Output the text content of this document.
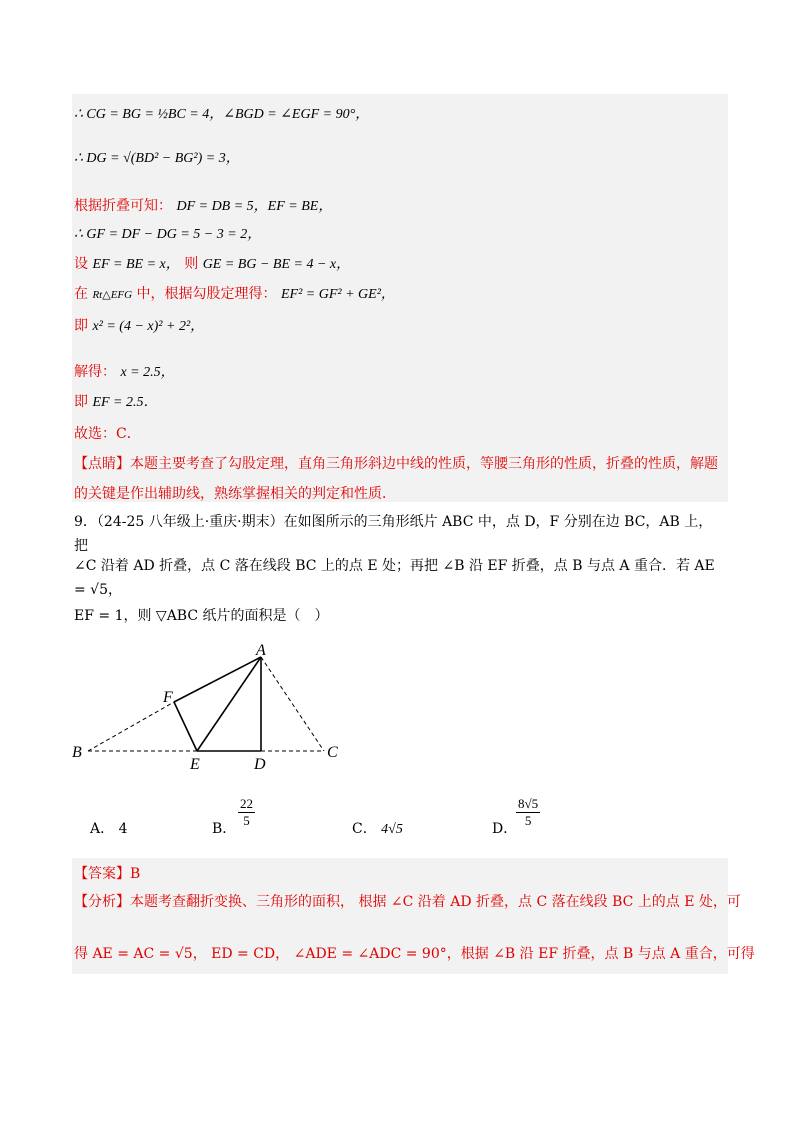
∴ CG = BG = ½BC = 4，∠BGD = ∠EGF = 90°，
∴ DG = √(BD² − BG²) = 3，
根据折叠可知： DF = DB = 5，EF = BE，
∴ GF = DF − DG = 5 − 3 = 2，
设 EF = BE = x， 则 GE = BG − BE = 4 − x，
在 Rt△EFG 中，根据勾股定理得： EF² = GF² + GE²，
即 x² = (4 − x)² + 2²，
解得： x = 2.5，
即 EF = 2.5．
故选：C．
【点睛】本题主要考查了勾股定理，直角三角形斜边中线的性质，等腰三角形的性质，折叠的性质，解题
的关键是作出辅助线，熟练掌握相关的判定和性质．
9．（24-25 八年级上·重庆·期末）在如图所示的三角形纸片 ABC 中，点 D，F 分别在边 BC，AB 上，把
∠C 沿着 AD 折叠，点 C 落在线段 BC 上的点 E 处；再把 ∠B 沿 EF 折叠，点 B 与点 A 重合．若 AE = √5，
EF = 1，则 ▽ABC 纸片的面积是（　）
A
F
B
E	D
C
A． 4	B． $\frac{22}{5}$	C． 4√5	D．
$\frac{8√5}{5}$
【答案】B
【分析】本题考查翻折变换、三角形的面积， 根据 ∠C 沿着 AD 折叠，点 C 落在线段 BC 上的点 E 处，可
得 AE = AC = √5， ED = CD， ∠ADE = ∠ADC = 90°，根据 ∠B 沿 EF 折叠，点 B 与点 A 重合，可得
